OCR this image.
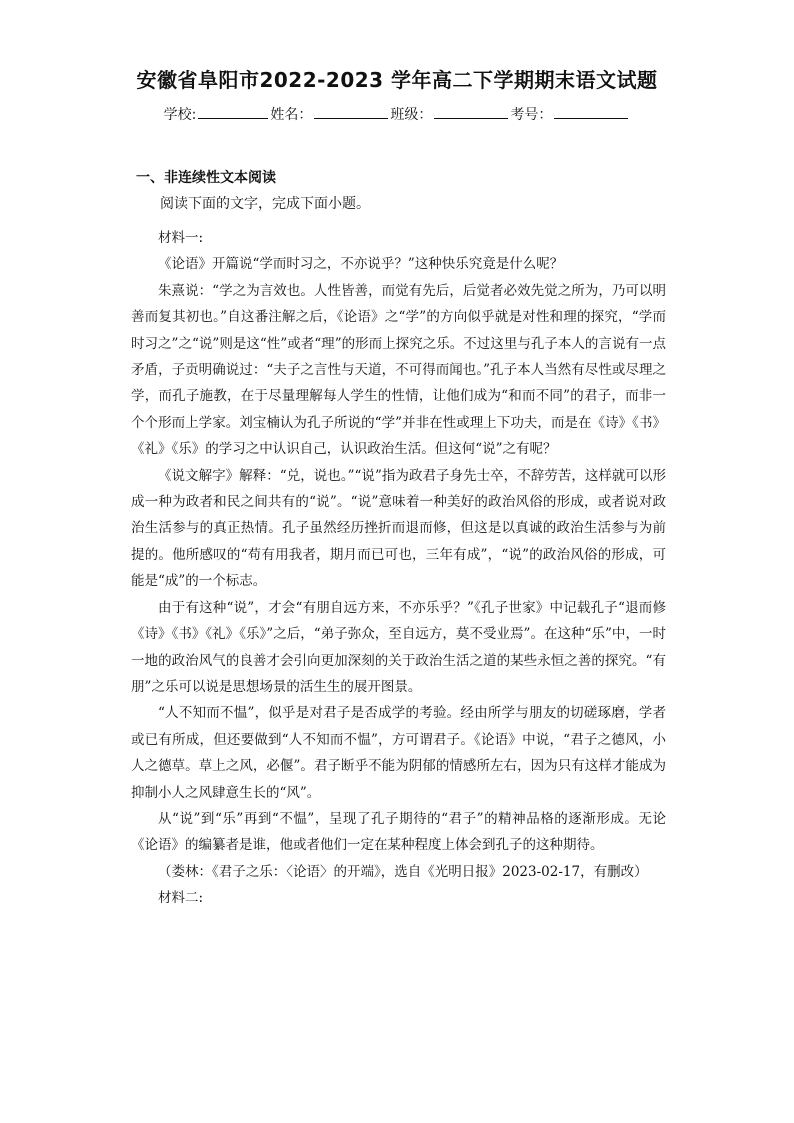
安徽省阜阳市2022-2023 学年高二下学期期末语文试题
学校:	姓名：	班级：	考号：
一、非连续性文本阅读
阅读下面的文字，完成下面小题。

材料一:

《论语》开篇说“学而时习之，不亦说乎？”这种快乐究竟是什么呢？

朱熹说：“学之为言效也。人性皆善，而觉有先后，后觉者必效先觉之所为，乃可以明善而复其初也。”自这番注解之后，《论语》之“学”的方向似乎就是对性和理的探究，“学而时习之”之“说”则是这“性”或者“理”的形而上探究之乐。不过这里与孔子本人的言说有一点矛盾，子贡明确说过：“夫子之言性与天道，不可得而闻也。”孔子本人当然有尽性或尽理之学，而孔子施教，在于尽量理解每人学生的性情，让他们成为“和而不同”的君子，而非一个个形而上学家。刘宝楠认为孔子所说的“学”并非在性或理上下功夫，而是在《诗》《书》《礼》《乐》的学习之中认识自己，认识政治生活。但这何“说”之有呢？

《说文解字》解释：“兑，说也。”“说”指为政君子身先士卒，不辞劳苦，这样就可以形成一种为政者和民之间共有的“说”。“说”意味着一种美好的政治风俗的形成，或者说对政治生活参与的真正热情。孔子虽然经历挫折而退而修，但这是以真诚的政治生活参与为前提的。他所感叹的“苟有用我者，期月而已可也，三年有成”，“说”的政治风俗的形成，可能是“成”的一个标志。

由于有这种“说”，才会“有朋自远方来，不亦乐乎？”《孔子世家》中记载孔子“退而修《诗》《书》《礼》《乐》”之后，“弟子弥众，至自远方，莫不受业焉”。在这种“乐”中，一时一地的政治风气的良善才会引向更加深刻的关于政治生活之道的某些永恒之善的探究。“有朋”之乐可以说是思想场景的活生生的展开图景。

“人不知而不愠”，似乎是对君子是否成学的考验。经由所学与朋友的切磋琢磨，学者或已有所成，但还要做到“人不知而不愠”，方可谓君子。《论语》中说，“君子之德风，小人之德草。草上之风，必偃”。君子断乎不能为阴郁的情感所左右，因为只有这样才能成为抑制小人之风肆意生长的“风”。

从“说”到“乐”再到“不愠”，呈现了孔子期待的“君子”的精神品格的逐渐形成。无论《论语》的编纂者是谁，他或者他们一定在某种程度上体会到孔子的这种期待。

（娄林：《君子之乐：〈论语〉的开端》，选自《光明日报》2023-02-17，有删改）

材料二:
